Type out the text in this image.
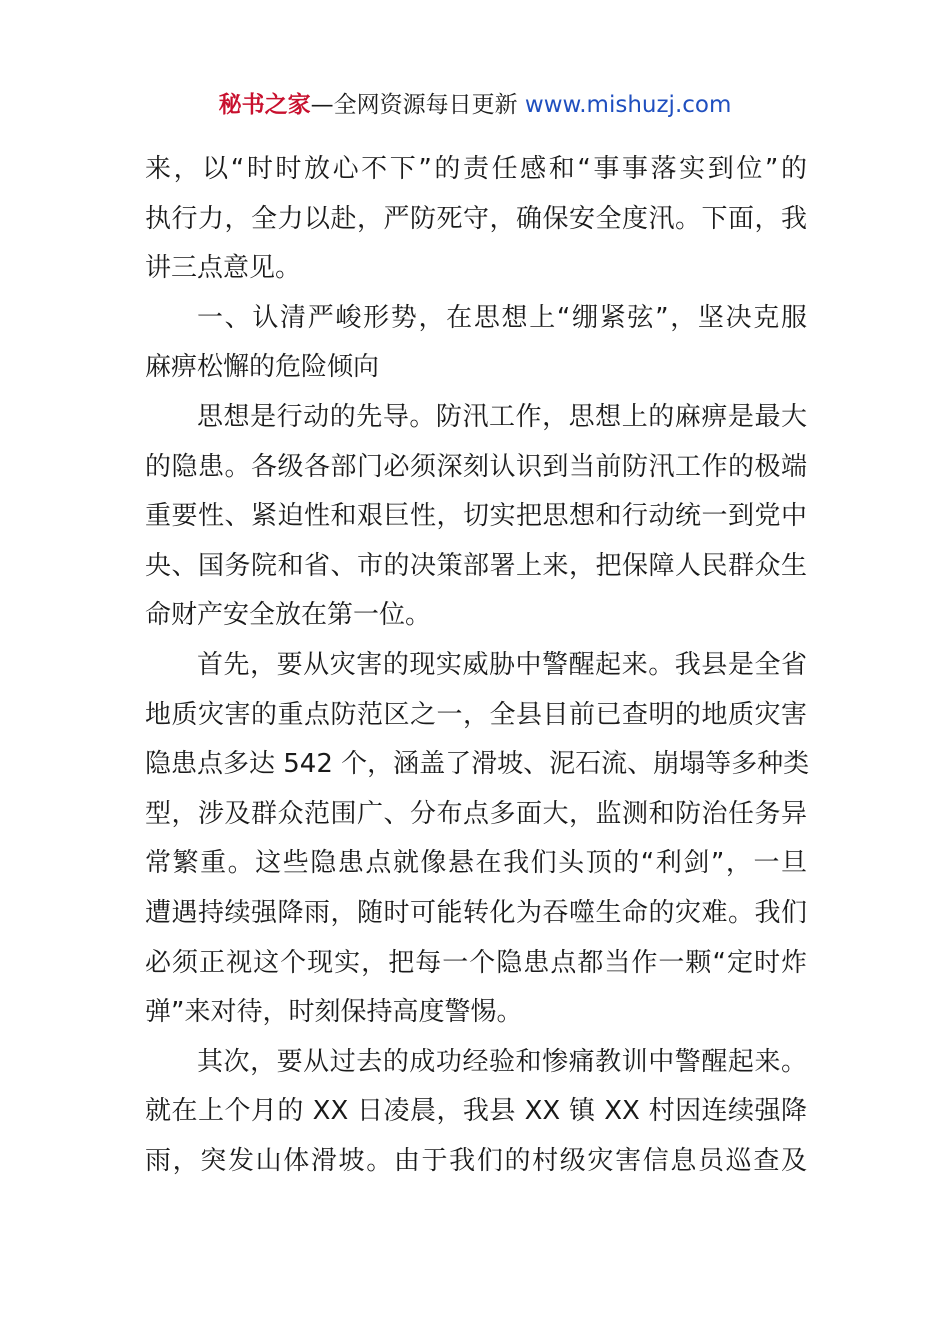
秘书之家—全网资源每日更新 www.mishuzj.com
来，以“时时放心不下”的责任感和“事事落实到位”的
执行力，全力以赴，严防死守，确保安全度汛。下面，我
讲三点意见。
一、认清严峻形势，在思想上“绷紧弦”，坚决克服
麻痹松懈的危险倾向
思想是行动的先导。防汛工作，思想上的麻痹是最大
的隐患。各级各部门必须深刻认识到当前防汛工作的极端
重要性、紧迫性和艰巨性，切实把思想和行动统一到党中
央、国务院和省、市的决策部署上来，把保障人民群众生
命财产安全放在第一位。
首先，要从灾害的现实威胁中警醒起来。我县是全省
地质灾害的重点防范区之一，全县目前已查明的地质灾害
隐患点多达 542 个，涵盖了滑坡、泥石流、崩塌等多种类
型，涉及群众范围广、分布点多面大，监测和防治任务异
常繁重。这些隐患点就像悬在我们头顶的“利剑”，一旦
遭遇持续强降雨，随时可能转化为吞噬生命的灾难。我们
必须正视这个现实，把每一个隐患点都当作一颗“定时炸
弹”来对待，时刻保持高度警惕。
其次，要从过去的成功经验和惨痛教训中警醒起来。
就在上个月的 XX 日凌晨，我县 XX 镇 XX 村因连续强降
雨，突发山体滑坡。由于我们的村级灾害信息员巡查及
